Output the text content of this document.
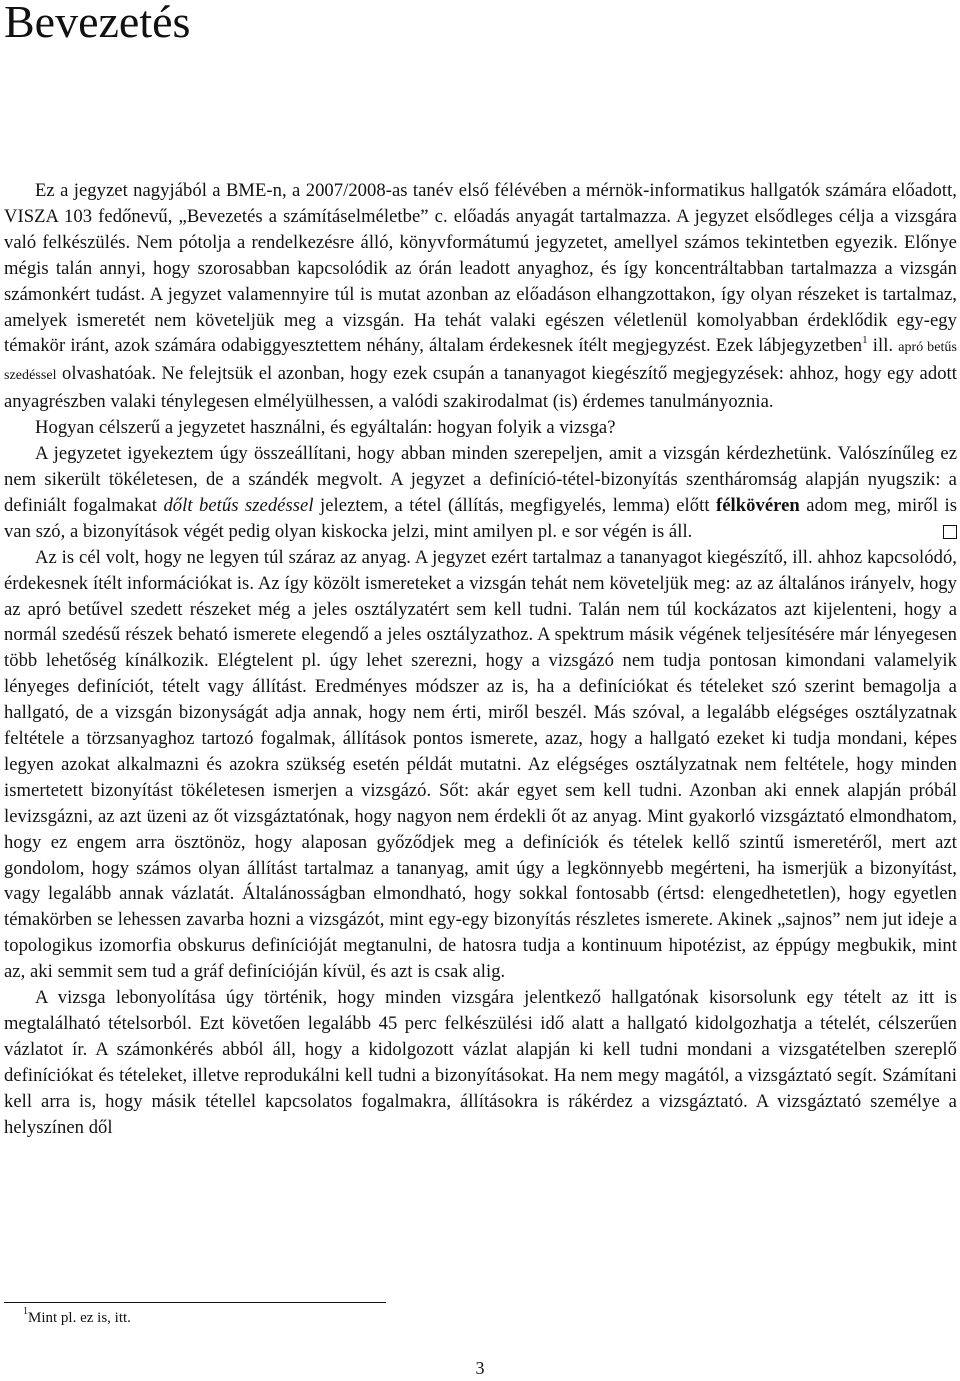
Bevezetés

Ez a jegyzet nagyjából a BME-n, a 2007/2008-as tanév első félévében a mérnök-informatikus hallgatók számára előadott, VISZA 103 fedőnevű, „Bevezetés a számításelméletbe” c. előadás anyagát tartalmazza. A jegyzet elsődleges célja a vizsgára való felkészülés. Nem pótolja a rendelkezésre álló, könyvformátumú jegyzetet, amellyel számos tekintetben egyezik. Előnye mégis talán annyi, hogy szorosabban kapcsolódik az órán leadott anyaghoz, és így koncentráltabban tartalmazza a vizsgán számonkért tudást. A jegyzet valamennyire túl is mutat azonban az előadáson elhangzottakon, így olyan részeket is tartalmaz, amelyek ismeretét nem követeljük meg a vizsgán. Ha tehát valaki egészen véletlenül komolyabban érdeklődik egy-egy témakör iránt, azok számára odabiggyesztettem néhány, általam érdekesnek ítélt megjegyzést. Ezek lábjegyzetben$^1$ ill. apró betűs szedéssel olvashatóak. Ne felejtsük el azonban, hogy ezek csupán a tananyagot kiegészítő megjegyzések: ahhoz, hogy egy adott anyagrészben valaki ténylegesen elmélyülhessen, a valódi szakirodalmat (is) érdemes tanulmányoznia.

Hogyan célszerű a jegyzetet használni, és egyáltalán: hogyan folyik a vizsga?

A jegyzetet igyekeztem úgy összeállítani, hogy abban minden szerepeljen, amit a vizsgán kérdezhetünk. Valószínűleg ez nem sikerült tökéletesen, de a szándék megvolt. A jegyzet a definíció-tétel-bizonyítás szentháromság alapján nyugszik: a definiált fogalmakat dőlt betűs szedéssel jeleztem, a tétel (állítás, megfigyelés, lemma) előtt félkövéren adom meg, miről is van szó, a bizonyítások végét pedig olyan kiskocka jelzi, mint amilyen pl. e sor végén is áll.

Az is cél volt, hogy ne legyen túl száraz az anyag. A jegyzet ezért tartalmaz a tananyagot kiegészítő, ill. ahhoz kapcsolódó, érdekesnek ítélt információkat is. Az így közölt ismereteket a vizsgán tehát nem követeljük meg: az az általános irányelv, hogy az apró betűvel szedett részeket még a jeles osztályzatért sem kell tudni. Talán nem túl kockázatos azt kijelenteni, hogy a normál szedésű részek beható ismerete elegendő a jeles osztályzathoz. A spektrum másik végének teljesítésére már lényegesen több lehetőség kínálkozik. Elégtelent pl. úgy lehet szerezni, hogy a vizsgázó nem tudja pontosan kimondani valamelyik lényeges definíciót, tételt vagy állítást. Eredményes módszer az is, ha a definíciókat és tételeket szó szerint bemagolja a hallgató, de a vizsgán bizonyságát adja annak, hogy nem érti, miről beszél. Más szóval, a legalább elégséges osztályzatnak feltétele a törzsanyaghoz tartozó fogalmak, állítások pontos ismerete, azaz, hogy a hallgató ezeket ki tudja mondani, képes legyen azokat alkalmazni és azokra szükség esetén példát mutatni. Az elégséges osztályzatnak nem feltétele, hogy minden ismertetett bizonyítást tökéletesen ismerjen a vizsgázó. Sőt: akár egyet sem kell tudni. Azonban aki ennek alapján próbál levizsgázni, az azt üzeni az őt vizsgáztatónak, hogy nagyon nem érdekli őt az anyag. Mint gyakorló vizsgáztató elmondhatom, hogy ez engem arra ösztönöz, hogy alaposan győződjek meg a definíciók és tételek kellő szintű ismeretéről, mert azt gondolom, hogy számos olyan állítást tartalmaz a tananyag, amit úgy a legkönnyebb megérteni, ha ismerjük a bizonyítást, vagy legalább annak vázlatát. Általánosságban elmondható, hogy sokkal fontosabb (értsd: elengedhetetlen), hogy egyetlen témakörben se lehessen zavarba hozni a vizsgázót, mint egy-egy bizonyítás részletes ismerete. Akinek „sajnos” nem jut ideje a topologikus izomorfia obskurus definícióját megtanulni, de hatosra tudja a kontinuum hipotézist, az éppúgy megbukik, mint az, aki semmit sem tud a gráf definícióján kívül, és azt is csak alig.

A vizsga lebonyolítása úgy történik, hogy minden vizsgára jelentkező hallgatónak kisorsolunk egy tételt az itt is megtalálható tételsorból. Ezt követően legalább 45 perc felkészülési idő alatt a hallgató kidolgozhatja a tételét, célszerűen vázlatot ír. A számonkérés abból áll, hogy a kidolgozott vázlat alapján ki kell tudni mondani a vizsgatételben szereplő definíciókat és tételeket, illetve reprodukálni kell tudni a bizonyításokat. Ha nem megy magától, a vizsgáztató segít. Számítani kell arra is, hogy másik tétellel kapcsolatos fogalmakra, állításokra is rákérdez a vizsgáztató. A vizsgáztató személye a helyszínen dől

$^1$Mint pl. ez is, itt.
3
